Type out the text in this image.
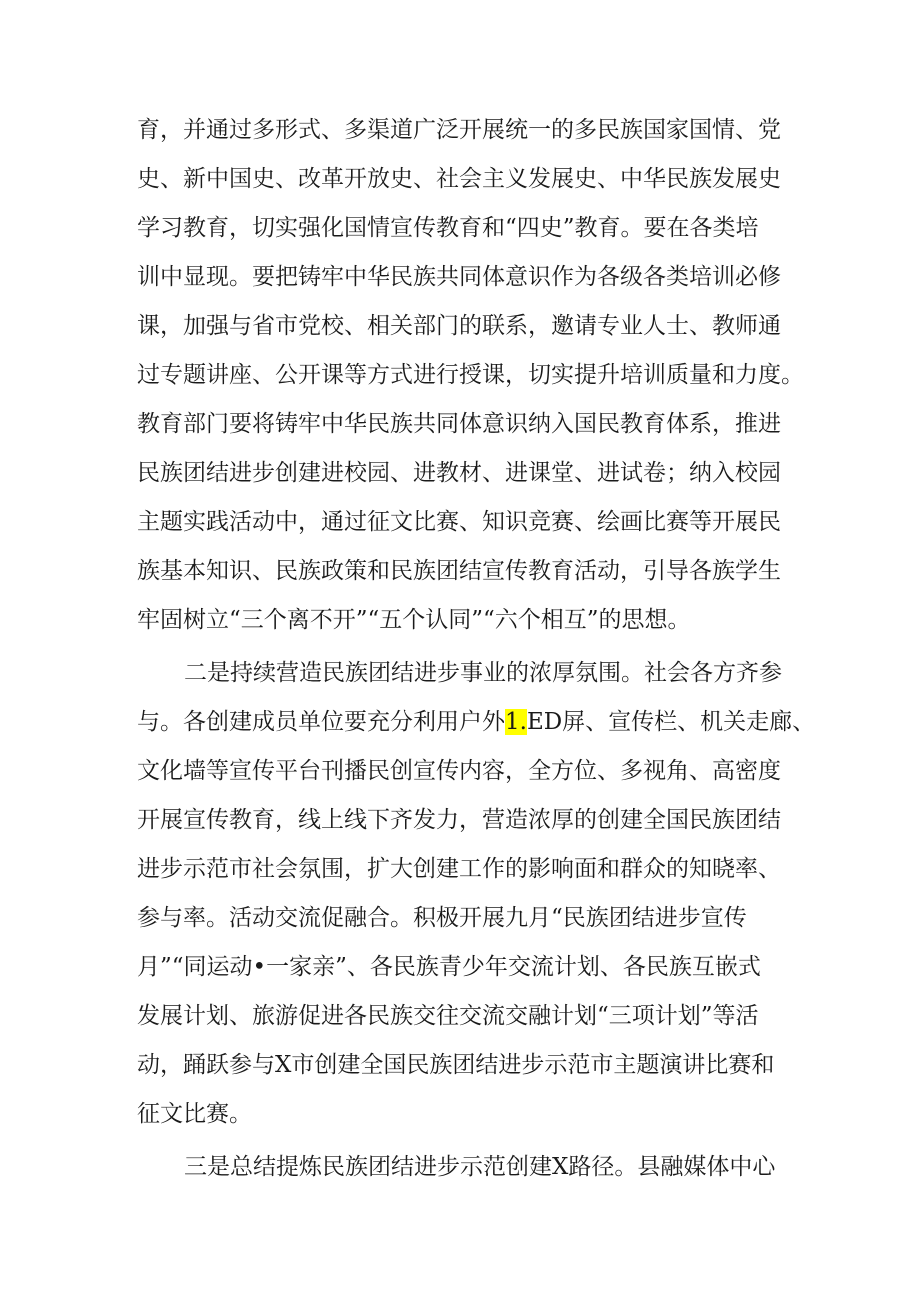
育，并通过多形式、多渠道广泛开展统一的多民族国家国情、党
史、新中国史、改革开放史、社会主义发展史、中华民族发展史
学习教育，切实强化国情宣传教育和“四史”教育。要在各类培
训中显现。要把铸牢中华民族共同体意识作为各级各类培训必修
课，加强与省市党校、相关部门的联系，邀请专业人士、教师通
过专题讲座、公开课等方式进行授课，切实提升培训质量和力度。
教育部门要将铸牢中华民族共同体意识纳入国民教育体系，推进
民族团结进步创建进校园、进教材、进课堂、进试卷；纳入校园
主题实践活动中，通过征文比赛、知识竞赛、绘画比赛等开展民
族基本知识、民族政策和民族团结宣传教育活动，引导各族学生
牢固树立“三个离不开”“五个认同”“六个相互”的思想。
二是持续营造民族团结进步事业的浓厚氛围。社会各方齐参
与。各创建成员单位要充分利用户外1.ED屏、宣传栏、机关走廊、
文化墙等宣传平台刊播民创宣传内容，全方位、多视角、高密度
开展宣传教育，线上线下齐发力，营造浓厚的创建全国民族团结
进步示范市社会氛围，扩大创建工作的影响面和群众的知晓率、
参与率。活动交流促融合。积极开展九月“民族团结进步宣传
月”“同运动•一家亲”、各民族青少年交流计划、各民族互嵌式
发展计划、旅游促进各民族交往交流交融计划“三项计划”等活
动，踊跃参与X市创建全国民族团结进步示范市主题演讲比赛和
征文比赛。
三是总结提炼民族团结进步示范创建X路径。县融媒体中心
